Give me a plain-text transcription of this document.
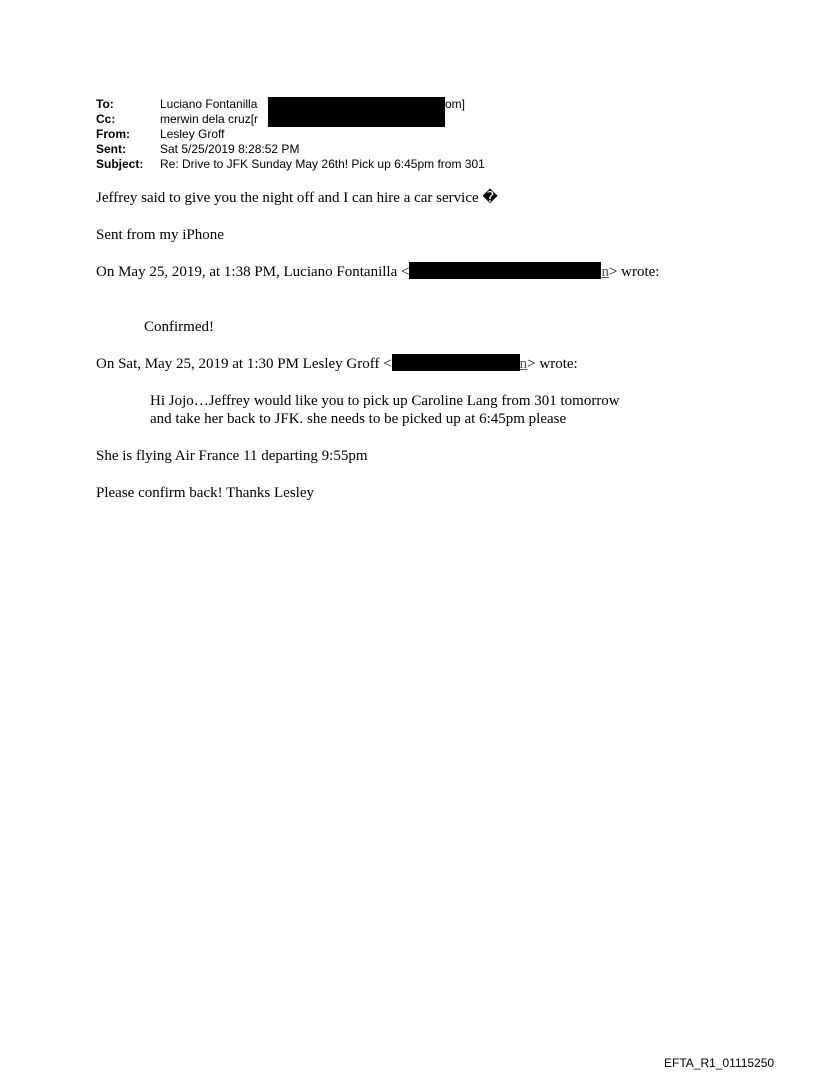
To:	Luciano Fontanilla	om]
Cc:	merwin dela cruz[r
From:	Lesley Groff
Sent:	Sat 5/25/2019 8:28:52 PM
Subject: Re: Drive to JFK Sunday May 26th! Pick up 6:45pm from 301
Jeffrey said to give you the night off and I can hire a car service �
Sent from my iPhone
On May 25, 2019, at 1:38 PM, Luciano Fontanilla <	n> wrote:
Confirmed!
On Sat, May 25, 2019 at 1:30 PM Lesley Groff <	n> wrote:
Hi Jojo…Jeffrey would like you to pick up Caroline Lang from 301 tomorrow
and take her back to JFK. she needs to be picked up at 6:45pm please
She is flying Air France 11 departing 9:55pm
Please confirm back! Thanks Lesley
EFTA_R1_01115250
